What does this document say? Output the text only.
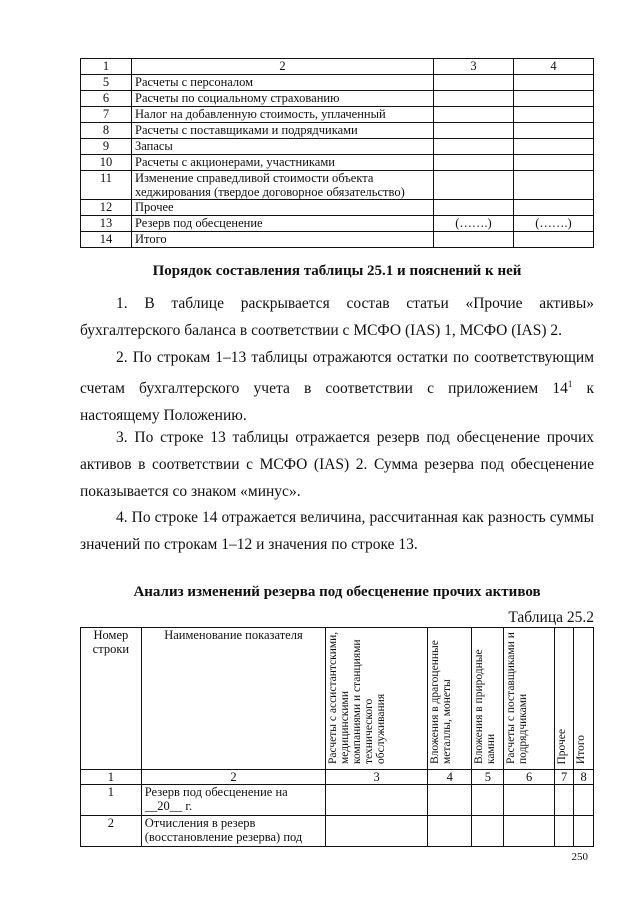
1	2	3	4
5	Расчеты с персоналом		
6	Расчеты по социальному страхованию		
7	Налог на добавленную стоимость, уплаченный		
8	Расчеты с поставщиками и подрядчиками		
9	Запасы		
10	Расчеты с акционерами, участниками		
11	Изменение справедливой стоимости объекта хеджирования (твердое договорное обязательство)		
12	Прочее		
13	Резерв под обесценение	(…….)	(…….)
14	Итого		
Порядок составления таблицы 25.1 и пояснений к ней

1. В таблице раскрывается состав статьи «Прочие активы» бухгалтерского баланса в соответствии с МСФО (IAS) 1, МСФО (IAS) 2.

2. По строкам 1–13 таблицы отражаются остатки по соответствующим счетам бухгалтерского учета в соответствии с приложением $14^1$ к настоящему Положению.

3. По строке 13 таблицы отражается резерв под обесценение прочих активов в соответствии с МСФО (IAS) 2. Сумма резерва под обесценение показывается со знаком «минус».

4. По строке 14 отражается величина, рассчитанная как разность суммы значений по строкам 1–12 и значения по строке 13.

Анализ изменений резерва под обесценение прочих активов
Таблица 25.2
Номер строки	Наименование показателя	Расчеты с ассистантскими, медицинскими компаниями и станциями технического обслуживания	Вложения в драгоценные металлы, монеты	Вложения в природные камни	Расчеты с поставщиками и подрядчиками	Прочее	Итого
1	2	3	4	5	6	7	8
1	Резерв под обесценение на __20__ г.						
2	Отчисления в резерв (восстановление резерва) под						
250
